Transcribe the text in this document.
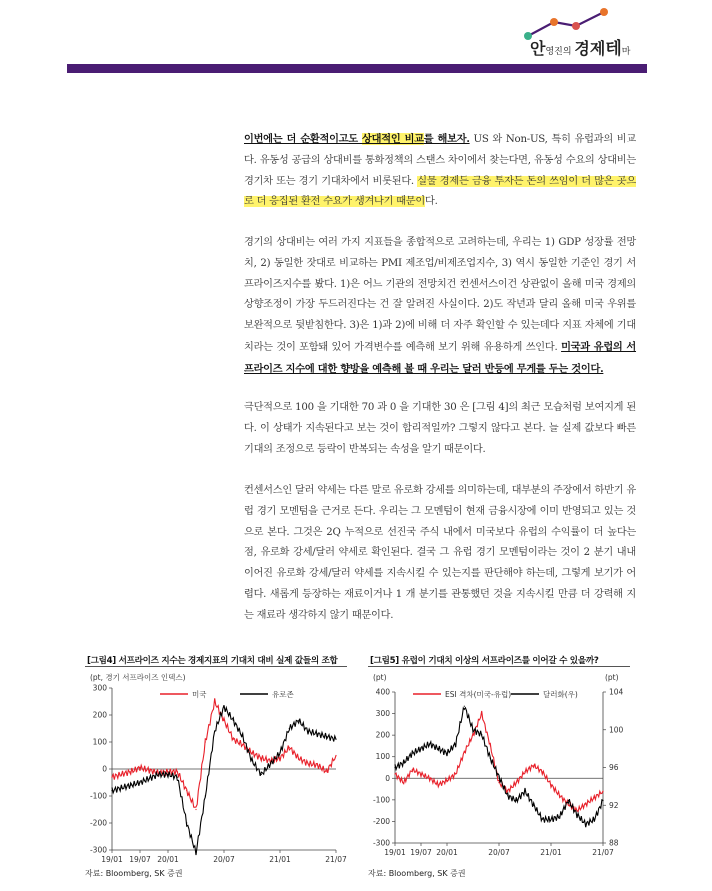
안영진의 경제테마
이번에는 더 순환적이고도 상대적인 비교를 해보자. US 와 Non-US, 특히 유럽과의 비교다. 유동성 공급의 상대비를 통화정책의 스탠스 차이에서 찾는다면, 유동성 수요의 상대비는 경기차 또는 경기 기대차에서 비롯된다. 실물 경제든 금융 투자든 돈의 쓰임이 더 많은 곳으로 더 응집된 환전 수요가 생겨나기 때문이다.
경기의 상대비는 여러 가지 지표들을 종합적으로 고려하는데, 우리는 1) GDP 성장률 전망치, 2) 동일한 잣대로 비교하는 PMI 제조업/비제조업지수, 3) 역시 동일한 기준인 경기 서프라이즈지수를 봤다. 1)은 어느 기관의 전망치건 컨센서스이건 상관없이 올해 미국 경제의 상향조정이 가장 두드러진다는 건 잘 알려진 사실이다. 2)도 작년과 달리 올해 미국 우위를 보완적으로 뒷받침한다. 3)은 1)과 2)에 비해 더 자주 확인할 수 있는데다 지표 자체에 기대치라는 것이 포함돼 있어 가격변수를 예측해 보기 위해 유용하게 쓰인다. 미국과 유럽의 서프라이즈 지수에 대한 향방을 예측해 볼 때 우리는 달러 반등에 무게를 두는 것이다.
극단적으로 100 을 기대한 70 과 0 을 기대한 30 은 [그림 4]의 최근 모습처럼 보여지게 된다. 이 상태가 지속된다고 보는 것이 합리적일까? 그렇지 않다고 본다. 늘 실제 값보다 빠른 기대의 조정으로 등락이 반복되는 속성을 알기 때문이다.
컨센서스인 달러 약세는 다른 말로 유로화 강세를 의미하는데, 대부분의 주장에서 하반기 유럽 경기 모멘텀을 근거로 든다. 우리는 그 모멘텀이 현재 금융시장에 이미 반영되고 있는 것으로 본다. 그것은 2Q 누적으로 선진국 주식 내에서 미국보다 유럽의 수익률이 더 높다는 점, 유로화 강세/달러 약세로 확인된다. 결국 그 유럽 경기 모멘텀이라는 것이 2 분기 내내 이어진 유로화 강세/달러 약세를 지속시킬 수 있는지를 판단해야 하는데, 그렇게 보기가 어렵다. 새롭게 등장하는 재료이거나 1 개 분기를 관통했던 것을 지속시킬 만큼 더 강력해 지는 재료라 생각하지 않기 때문이다.
[그림4] 서프라이즈 지수는 경제지표의 기대치 대비 실제 값들의 조합
(pt, 경기 서프라이즈 인덱스)
300
200
100
0
-100
-200
-300
19/01 19/07 20/01	20/07	21/01	21/07
미국	유로존
자료: Bloomberg, SK 증권
[그림5] 유럽이 기대치 이상의 서프라이즈를 이어갈 수 있을까?
(pt)	(pt)
400
300
200
100
0
-100
-200
-300
104
100
96
92
88
19/01 19/07 20/01	20/07	21/01	21/07
ESI 격차(미국-유럽)	달러화(우)
자료: Bloomberg, SK 증권
